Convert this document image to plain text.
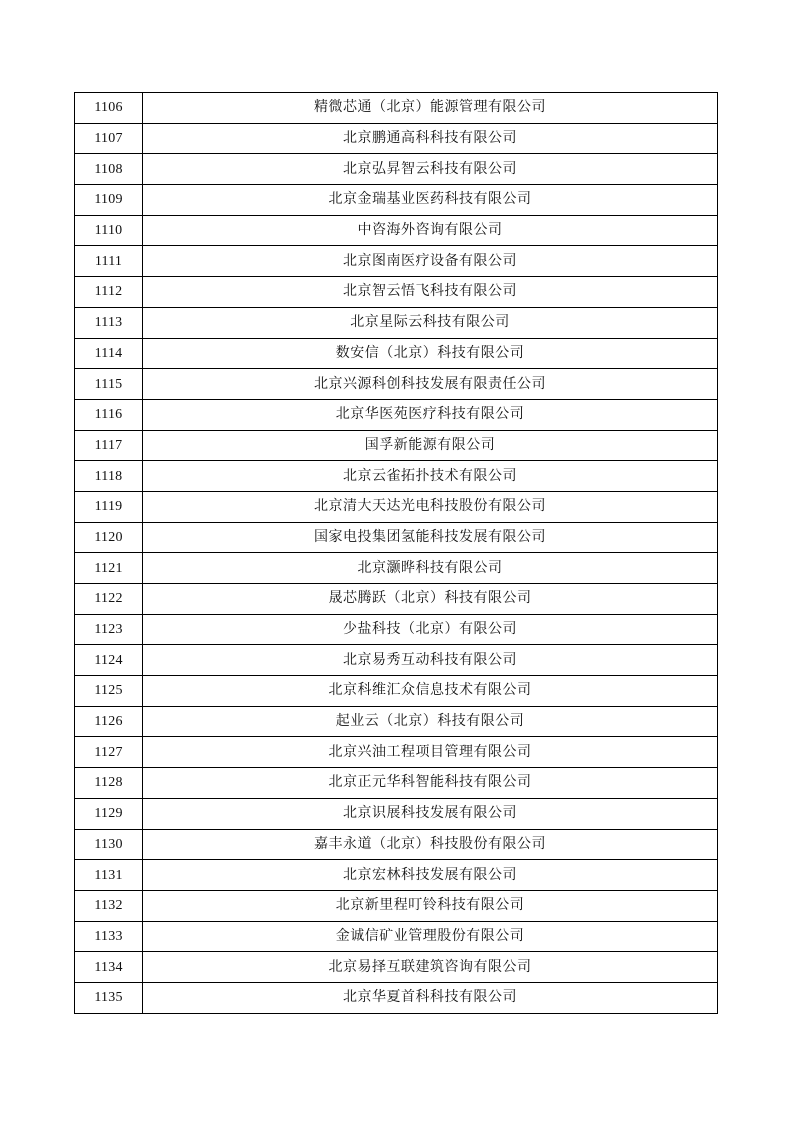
1106	精微芯通（北京）能源管理有限公司
1107	北京鹏通高科科技有限公司
1108	北京弘昇智云科技有限公司
1109	北京金瑞基业医药科技有限公司
1110	中咨海外咨询有限公司
1111	北京图南医疗设备有限公司
1112	北京智云悟飞科技有限公司
1113	北京星际云科技有限公司
1114	数安信（北京）科技有限公司
1115	北京兴源科创科技发展有限责任公司
1116	北京华医苑医疗科技有限公司
1117	国孚新能源有限公司
1118	北京云雀拓扑技术有限公司
1119	北京清大天达光电科技股份有限公司
1120	国家电投集团氢能科技发展有限公司
1121	北京灏晔科技有限公司
1122	晟芯腾跃（北京）科技有限公司
1123	少盐科技（北京）有限公司
1124	北京易秀互动科技有限公司
1125	北京科维汇众信息技术有限公司
1126	起业云（北京）科技有限公司
1127	北京兴油工程项目管理有限公司
1128	北京正元华科智能科技有限公司
1129	北京识展科技发展有限公司
1130	嘉丰永道（北京）科技股份有限公司
1131	北京宏林科技发展有限公司
1132	北京新里程叮铃科技有限公司
1133	金诚信矿业管理股份有限公司
1134	北京易择互联建筑咨询有限公司
1135	北京华夏首科科技有限公司
